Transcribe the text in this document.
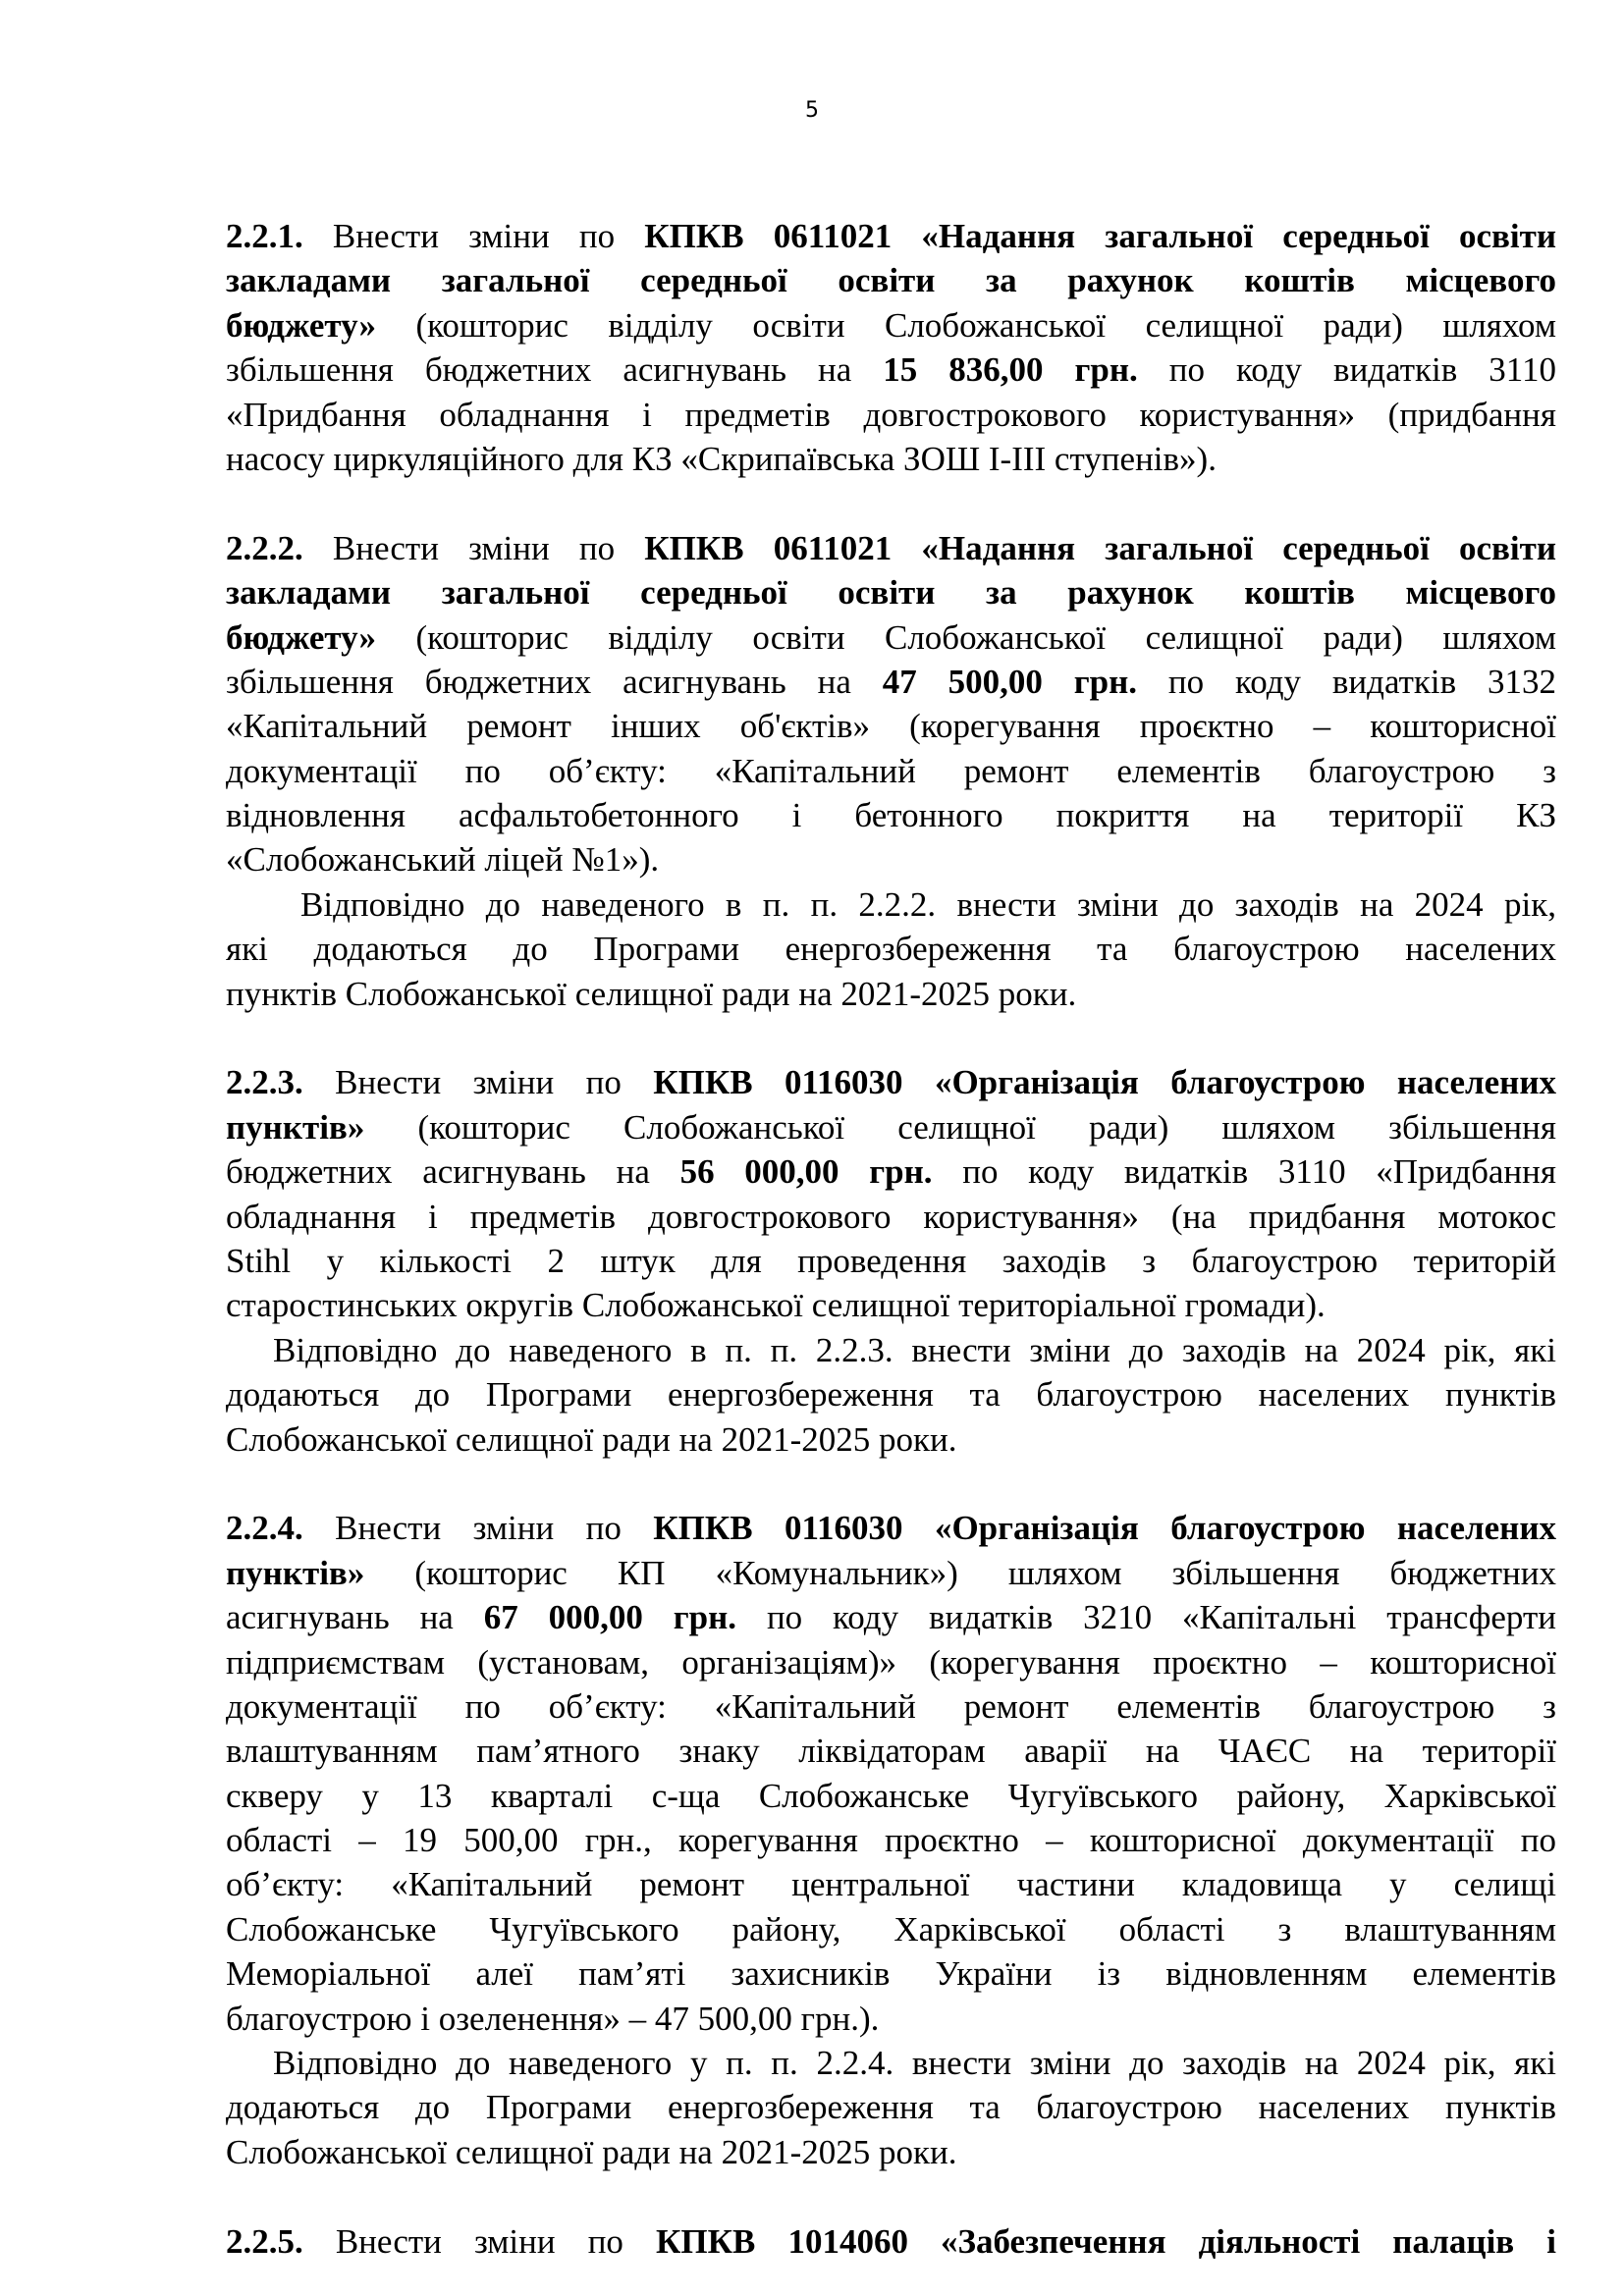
5
2.2.1. Внести зміни по КПКВ 0611021 «Надання загальної середньої освіти
закладами загальної середньої освіти за рахунок коштів місцевого
бюджету» (кошторис відділу освіти Слобожанської селищної ради) шляхом
збільшення бюджетних асигнувань на 15 836,00 грн. по коду видатків 3110
«Придбання обладнання і предметів довгострокового користування» (придбання
насосу циркуляційного для КЗ «Скрипаївська ЗОШ І-ІІІ ступенів»).
2.2.2. Внести зміни по КПКВ 0611021 «Надання загальної середньої освіти
закладами загальної середньої освіти за рахунок коштів місцевого
бюджету» (кошторис відділу освіти Слобожанської селищної ради) шляхом
збільшення бюджетних асигнувань на 47 500,00 грн. по коду видатків 3132
«Капітальний ремонт інших об'єктів» (корегування проєктно – кошторисної
документації по об’єкту: «Капітальний ремонт елементів благоустрою з
відновлення асфальтобетонного і бетонного покриття на території КЗ
«Слобожанський ліцей №1»).
Відповідно до наведеного в п. п. 2.2.2. внести зміни до заходів на 2024 рік,
які додаються до Програми енергозбереження та благоустрою населених
пунктів Слобожанської селищної ради на 2021-2025 роки.
2.2.3. Внести зміни по КПКВ 0116030 «Організація благоустрою населених
пунктів» (кошторис Слобожанської селищної ради) шляхом збільшення
бюджетних асигнувань на 56 000,00 грн. по коду видатків 3110 «Придбання
обладнання і предметів довгострокового користування» (на придбання мотокос
Stihl у кількості 2 штук для проведення заходів з благоустрою територій
старостинських округів Слобожанської селищної територіальної громади).
Відповідно до наведеного в п. п. 2.2.3. внести зміни до заходів на 2024 рік, які
додаються до Програми енергозбереження та благоустрою населених пунктів
Слобожанської селищної ради на 2021-2025 роки.
2.2.4. Внести зміни по КПКВ 0116030 «Організація благоустрою населених
пунктів» (кошторис КП «Комунальник») шляхом збільшення бюджетних
асигнувань на 67 000,00 грн. по коду видатків 3210 «Капітальні трансферти
підприємствам (установам, організаціям)» (корегування проєктно – кошторисної
документації по об’єкту: «Капітальний ремонт елементів благоустрою з
влаштуванням пам’ятного знаку ліквідаторам аварії на ЧАЄС на території
скверу у 13 кварталі с-ща Слобожанське Чугуївського району, Харківської
області – 19 500,00 грн., корегування проєктно – кошторисної документації по
об’єкту: «Капітальний ремонт центральної частини кладовища у селищі
Слобожанське Чугуївського району, Харківської області з влаштуванням
Меморіальної алеї пам’яті захисників України із відновленням елементів
благоустрою і озеленення» – 47 500,00 грн.).
Відповідно до наведеного у п. п. 2.2.4. внести зміни до заходів на 2024 рік, які
додаються до Програми енергозбереження та благоустрою населених пунктів
Слобожанської селищної ради на 2021-2025 роки.
2.2.5. Внести зміни по КПКВ 1014060 «Забезпечення діяльності палаців і
